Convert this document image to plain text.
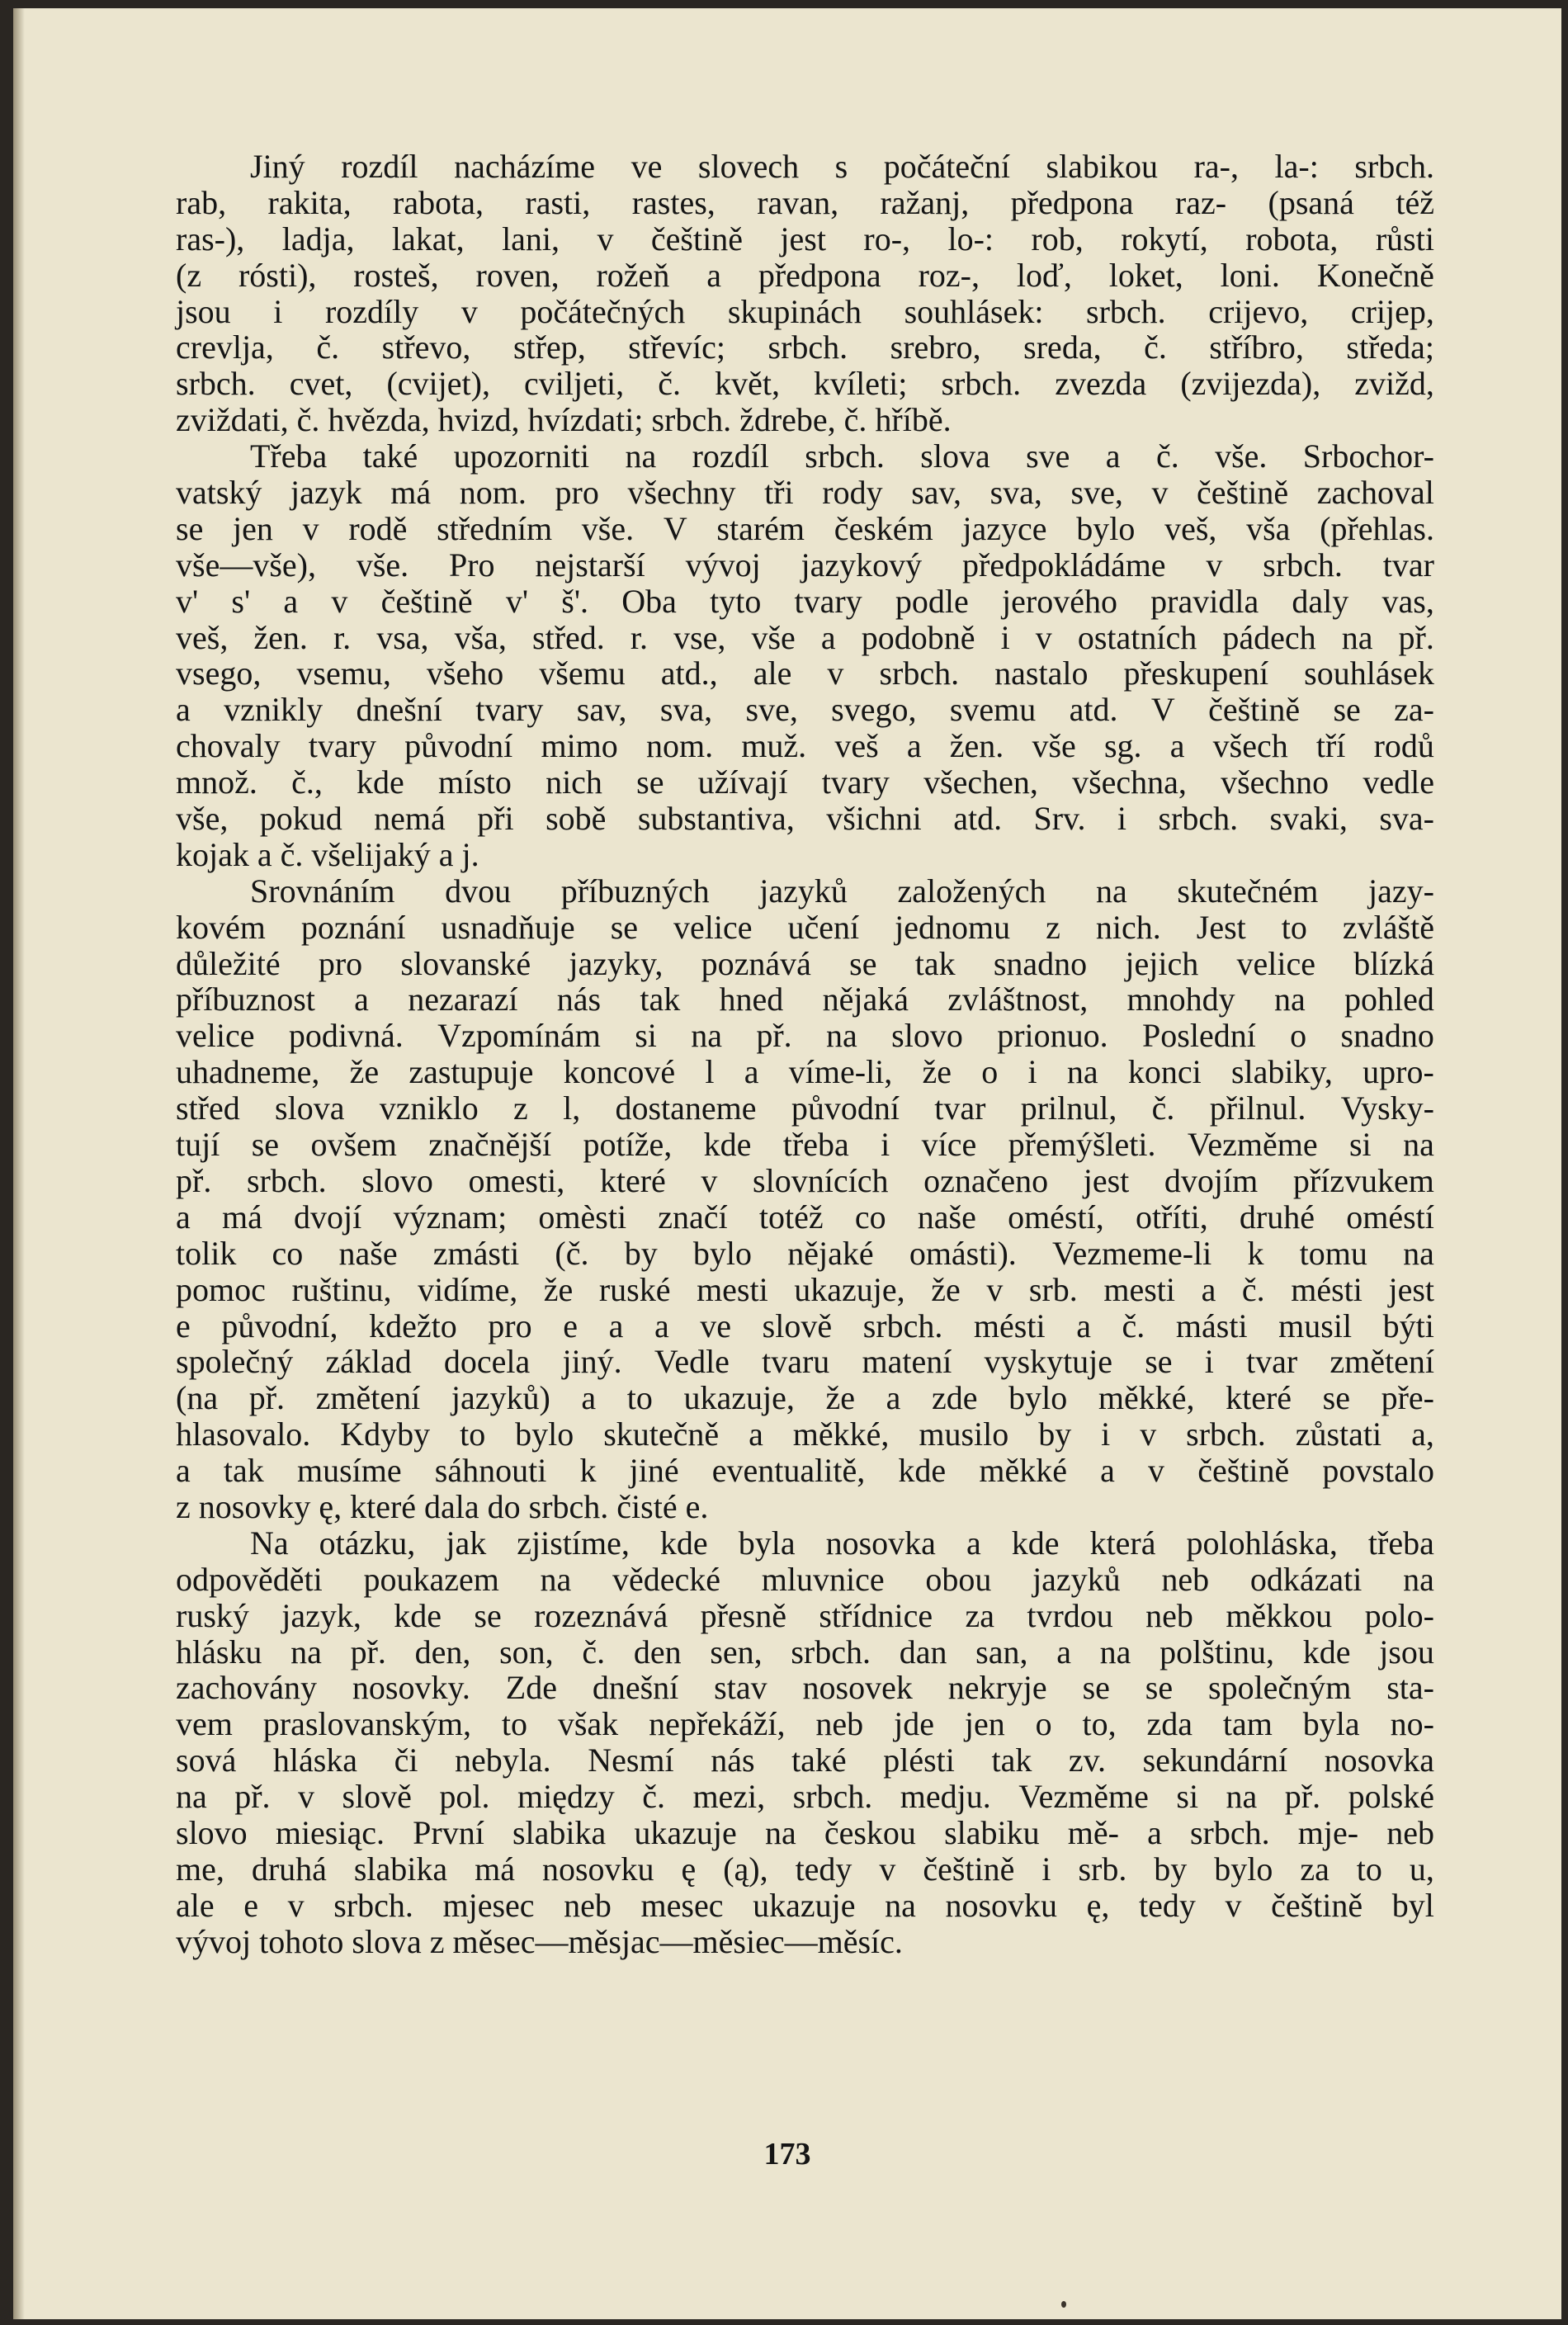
Jiný rozdíl nacházíme ve slovech s počáteční slabikou ra-, la-: srbch.
rab, rakita, rabota, rasti, rastes, ravan, ražanj, předpona raz- (psaná též
ras-), ladja, lakat, lani, v češtině jest ro-, lo-: rob, rokytí, robota, růsti
(z rósti), rosteš, roven, rožeň a předpona roz-, loď, loket, loni. Konečně
jsou i rozdíly v počátečných skupinách souhlásek: srbch. crijevo, crijep,
crevlja, č. střevo, střep, střevíc; srbch. srebro, sreda, č. stříbro, středa;
srbch. cvet, (cvijet), cviljeti, č. květ, kvíleti; srbch. zvezda (zvijezda), zvižd,
zviždati, č. hvězda, hvizd, hvízdati; srbch. ždrebe, č. hříbě.
Třeba také upozorniti na rozdíl srbch. slova sve a č. vše. Srbochor-
vatský jazyk má nom. pro všechny tři rody sav, sva, sve, v češtině zachoval
se jen v rodě středním vše. V starém českém jazyce bylo veš, vša (přehlas.
vše—vše), vše. Pro nejstarší vývoj jazykový předpokládáme v srbch. tvar
v' s' a v češtině v' š'. Oba tyto tvary podle jerového pravidla daly vas,
veš, žen. r. vsa, vša, střed. r. vse, vše a podobně i v ostatních pádech na př.
vsego, vsemu, všeho všemu atd., ale v srbch. nastalo přeskupení souhlásek
a vznikly dnešní tvary sav, sva, sve, svego, svemu atd. V češtině se za-
chovaly tvary původní mimo nom. muž. veš a žen. vše sg. a všech tří rodů
množ. č., kde místo nich se užívají tvary všechen, všechna, všechno vedle
vše, pokud nemá při sobě substantiva, všichni atd. Srv. i srbch. svaki, sva-
kojak a č. všelijaký a j.
Srovnáním dvou příbuzných jazyků založených na skutečném jazy-
kovém poznání usnadňuje se velice učení jednomu z nich. Jest to zvláště
důležité pro slovanské jazyky, poznává se tak snadno jejich velice blízká
příbuznost a nezarazí nás tak hned nějaká zvláštnost, mnohdy na pohled
velice podivná. Vzpomínám si na př. na slovo prionuo. Poslední o snadno
uhadneme, že zastupuje koncové l a víme-li, že o i na konci slabiky, upro-
střed slova vzniklo z l, dostaneme původní tvar prilnul, č. přilnul. Vysky-
tují se ovšem značnější potíže, kde třeba i více přemýšleti. Vezměme si na
př. srbch. slovo omesti, které v slovnících označeno jest dvojím přízvukem
a má dvojí význam; omèsti značí totéž co naše oméstí, otříti, druhé oméstí
tolik co naše zmásti (č. by bylo nějaké omásti). Vezmeme-li k tomu na
pomoc ruštinu, vidíme, že ruské mesti ukazuje, že v srb. mesti a č. mésti jest
e původní, kdežto pro e a a ve slově srbch. mésti a č. másti musil býti
společný základ docela jiný. Vedle tvaru matení vyskytuje se i tvar změtení
(na př. změtení jazyků) a to ukazuje, že a zde bylo měkké, které se pře-
hlasovalo. Kdyby to bylo skutečně a měkké, musilo by i v srbch. zůstati a,
a tak musíme sáhnouti k jiné eventualitě, kde měkké a v češtině povstalo
z nosovky ę, které dala do srbch. čisté e.
Na otázku, jak zjistíme, kde byla nosovka a kde která polohláska, třeba
odpověděti poukazem na vědecké mluvnice obou jazyků neb odkázati na
ruský jazyk, kde se rozeznává přesně střídnice za tvrdou neb měkkou polo-
hlásku na př. den, son, č. den sen, srbch. dan san, a na polštinu, kde jsou
zachovány nosovky. Zde dnešní stav nosovek nekryje se se společným sta-
vem praslovanským, to však nepřekáží, neb jde jen o to, zda tam byla no-
sová hláska či nebyla. Nesmí nás také plésti tak zv. sekundární nosovka
na př. v slově pol. między č. mezi, srbch. medju. Vezměme si na př. polské
slovo miesiąc. První slabika ukazuje na českou slabiku mě- a srbch. mje- neb
me, druhá slabika má nosovku ę (ą), tedy v češtině i srb. by bylo za to u,
ale e v srbch. mjesec neb mesec ukazuje na nosovku ę, tedy v češtině byl
vývoj tohoto slova z měsec—měsjac—měsiec—měsíc.
173
